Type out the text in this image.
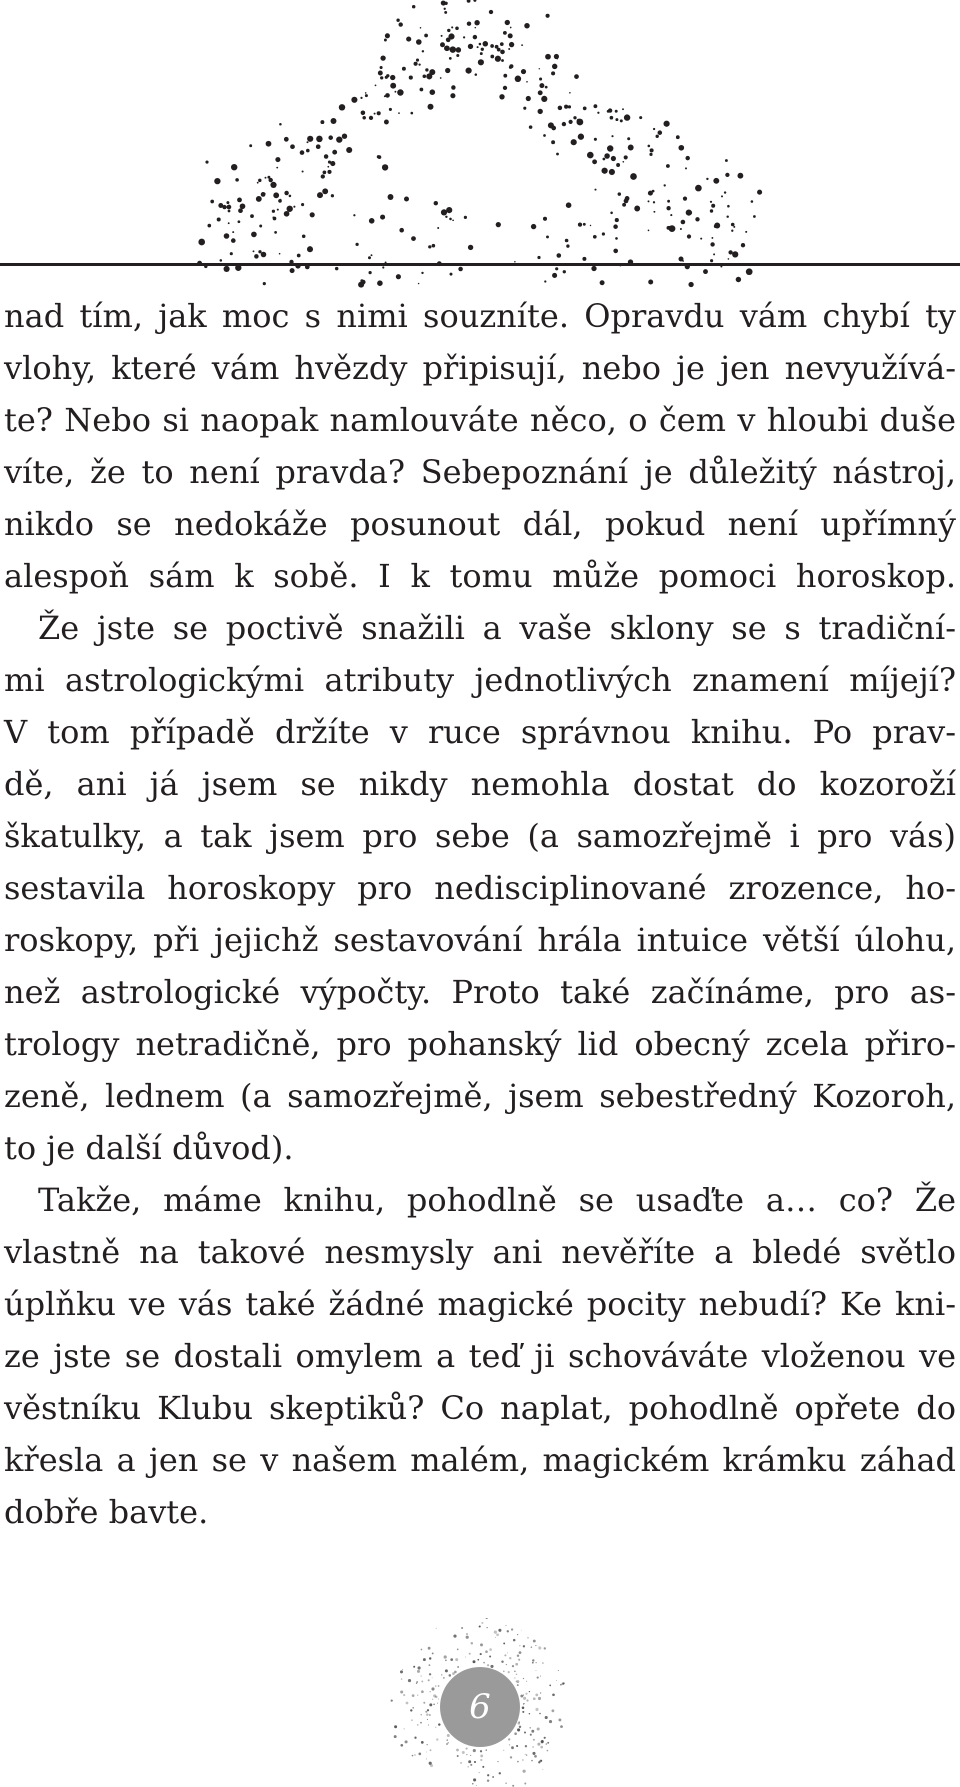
nad tím, jak moc s nimi souzníte. Opravdu vám chybí ty
vlohy, které vám hvězdy připisují, nebo je jen nevyužívá-
te? Nebo si naopak namlouváte něco, o čem v hloubi duše
víte, že to není pravda? Sebepoznání je důležitý nástroj,
nikdo se nedokáže posunout dál, pokud není upřímný
alespoň sám k sobě. I k tomu může pomoci horoskop.
Že jste se poctivě snažili a vaše sklony se s tradiční-
mi astrologickými atributy jednotlivých znamení míjejí?
V tom případě držíte v ruce správnou knihu. Po prav-
dě, ani já jsem se nikdy nemohla dostat do kozoroží
škatulky, a tak jsem pro sebe (a samozřejmě i pro vás)
sestavila horoskopy pro nedisciplinované zrozence, ho-
roskopy, při jejichž sestavování hrála intuice větší úlohu,
než astrologické výpočty. Proto také začínáme, pro as-
trology netradičně, pro pohanský lid obecný zcela přiro-
zeně, lednem (a samozřejmě, jsem sebestředný Kozoroh,
to je další důvod).
Takže, máme knihu, pohodlně se usaďte a… co? Že
vlastně na takové nesmysly ani nevěříte a bledé světlo
úplňku ve vás také žádné magické pocity nebudí? Ke kni-
ze jste se dostali omylem a teď ji schováváte vloženou ve
věstníku Klubu skeptiků? Co naplat, pohodlně opřete do
křesla a jen se v našem malém, magickém krámku záhad
dobře bavte.
6
